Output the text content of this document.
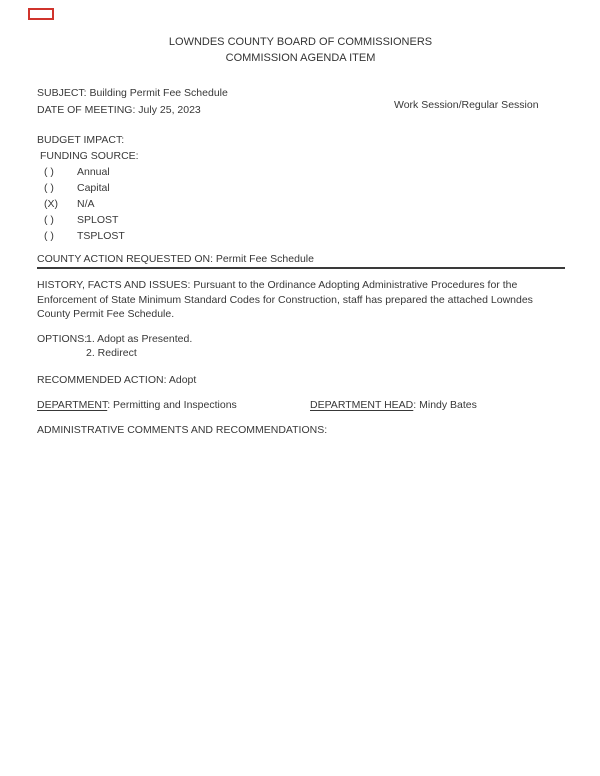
LOWNDES COUNTY BOARD OF COMMISSIONERS
COMMISSION AGENDA ITEM
SUBJECT: Building Permit Fee Schedule
DATE OF MEETING: July 25, 2023
BUDGET IMPACT:
FUNDING SOURCE:
( )	Annual
( )	Capital
(X)	N/A
( )	SPLOST
( )	TSPLOST
COUNTY ACTION REQUESTED ON: Permit Fee Schedule
HISTORY, FACTS AND ISSUES: Pursuant to the Ordinance Adopting Administrative Procedures for the Enforcement of State Minimum Standard Codes for Construction, staff has prepared the attached Lowndes County Permit Fee Schedule.
OPTIONS:
1. Adopt as Presented.
2. Redirect
RECOMMENDED ACTION: Adopt
DEPARTMENT: Permitting and Inspections	DEPARTMENT HEAD: Mindy Bates
ADMINISTRATIVE COMMENTS AND RECOMMENDATIONS:
Work Session/Regular Session
